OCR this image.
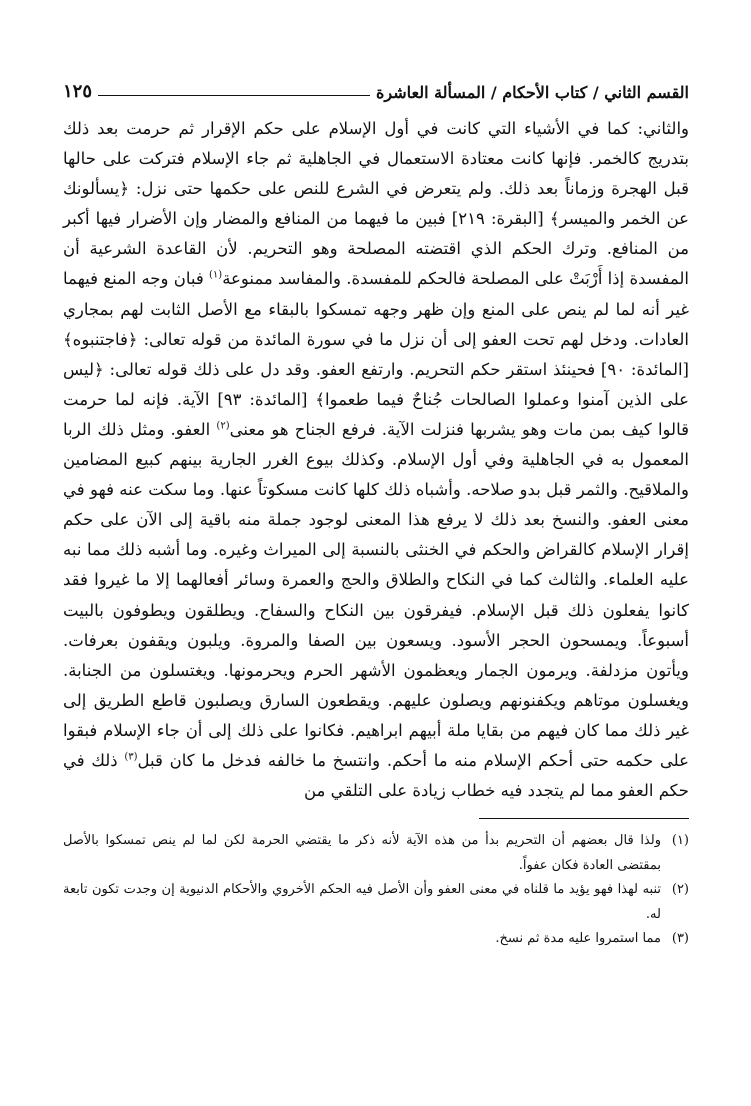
القسم الثاني / كتاب الأحكام / المسألة العاشرة
١٢٥

والثاني: كما في الأشياء التي كانت في أول الإسلام على حكم الإقرار ثم حرمت بعد ذلك بتدريج كالخمر. فإنها كانت معتادة الاستعمال في الجاهلية ثم جاء الإسلام فتركت على حالها قبل الهجرة وزماناً بعد ذلك. ولم يتعرض في الشرع للنص على حكمها حتى نزل: ﴿يسألونك عن الخمر والميسر﴾ [البقرة: ٢١٩] فبين ما فيهما من المنافع والمضار وإن الأضرار فيها أكبر من المنافع. وترك الحكم الذي اقتضته المصلحة وهو التحريم. لأن القاعدة الشرعية أن المفسدة إذا أَرْبَتْ على المصلحة فالحكم للمفسدة. والمفاسد ممنوعة$^{(١)}$ فبان وجه المنع فيهما غير أنه لما لم ينص على المنع وإن ظهر وجهه تمسكوا بالبقاء مع الأصل الثابت لهم بمجاري العادات. ودخل لهم تحت العفو إلى أن نزل ما في سورة المائدة من قوله تعالى: ﴿فاجتنبوه﴾ [المائدة: ٩٠] فحينئذ استقر حكم التحريم. وارتفع العفو. وقد دل على ذلك قوله تعالى: ﴿ليس على الذين آمنوا وعملوا الصالحات جُناحٌ فيما طعموا﴾ [المائدة: ٩٣] الآية. فإنه لما حرمت قالوا كيف بمن مات وهو يشربها فنزلت الآية. فرفع الجناح هو معنى$^{(٢)}$ العفو. ومثل ذلك الربا المعمول به في الجاهلية وفي أول الإسلام. وكذلك بيوع الغرر الجارية بينهم كبيع المضامين والملاقيح. والثمر قبل بدو صلاحه. وأشباه ذلك كلها كانت مسكوتاً عنها. وما سكت عنه فهو في معنى العفو. والنسخ بعد ذلك لا يرفع هذا المعنى لوجود جملة منه باقية إلى الآن على حكم إقرار الإسلام كالقراض والحكم في الخنثى بالنسبة إلى الميراث وغيره. وما أشبه ذلك مما نبه عليه العلماء. والثالث كما في النكاح والطلاق والحج والعمرة وسائر أفعالهما إلا ما غيروا فقد كانوا يفعلون ذلك قبل الإسلام. فيفرقون بين النكاح والسفاح. ويطلقون ويطوفون بالبيت أسبوعاً. ويمسحون الحجر الأسود. ويسعون بين الصفا والمروة. ويلبون ويقفون بعرفات. ويأتون مزدلفة. ويرمون الجمار ويعظمون الأشهر الحرم ويحرمونها. ويغتسلون من الجنابة. ويغسلون موتاهم ويكفنونهم ويصلون عليهم. ويقطعون السارق ويصلبون قاطع الطريق إلى غير ذلك مما كان فيهم من بقايا ملة أبيهم ابراهيم. فكانوا على ذلك إلى أن جاء الإسلام فبقوا على حكمه حتى أحكم الإسلام منه ما أحكم. وانتسخ ما خالفه فدخل ما كان قبل$^{(٣)}$ ذلك في حكم العفو مما لم يتجدد فيه خطاب زيادة على التلقي من

(١)
ولذا قال بعضهم أن التحريم بدأ من هذه الآية لأنه ذكر ما يقتضي الحرمة لكن لما لم ينص تمسكوا بالأصل بمقتضى العادة فكان عفواً.

(٢)
تنبه لهذا فهو يؤيد ما قلناه في معنى العفو وأن الأصل فيه الحكم الأخروي والأحكام الدنيوية إن وجدت تكون تابعة له.

(٣)
مما استمروا عليه مدة ثم نسخ.
